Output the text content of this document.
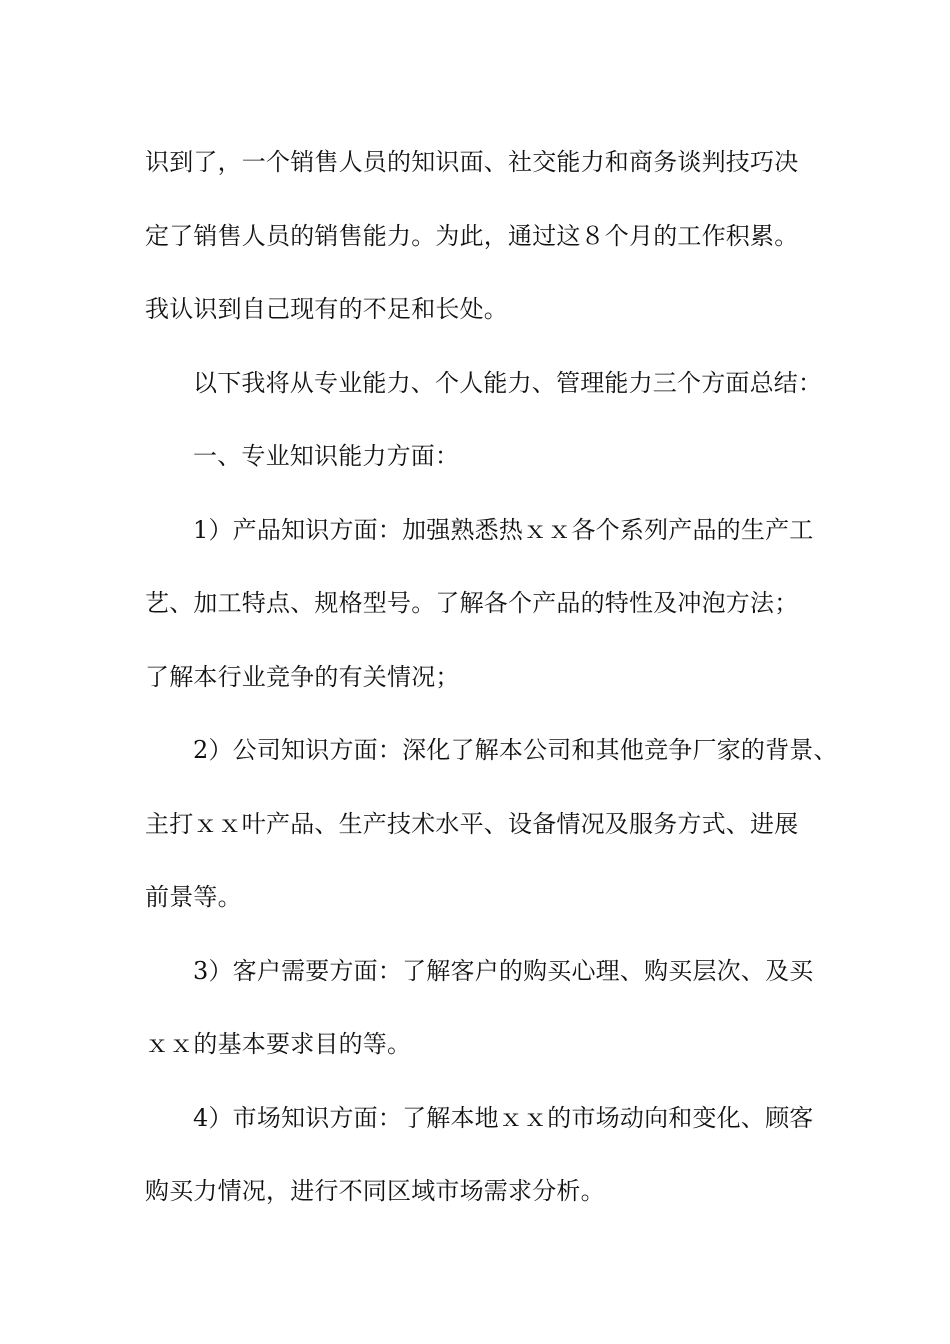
识到了，一个销售人员的知识面、社交能力和商务谈判技巧决
定了销售人员的销售能力。为此，通过这８个月的工作积累。
我认识到自己现有的不足和长处。
以下我将从专业能力、个人能力、管理能力三个方面总结：
一、专业知识能力方面：
1）产品知识方面：加强熟悉热ｘｘ各个系列产品的生产工
艺、加工特点、规格型号。了解各个产品的特性及冲泡方法；
了解本行业竞争的有关情况；
2）公司知识方面：深化了解本公司和其他竞争厂家的背景、
主打ｘｘ叶产品、生产技术水平、设备情况及服务方式、进展
前景等。
3）客户需要方面：了解客户的购买心理、购买层次、及买
ｘｘ的基本要求目的等。
4）市场知识方面：了解本地ｘｘ的市场动向和变化、顾客
购买力情况，进行不同区域市场需求分析。
